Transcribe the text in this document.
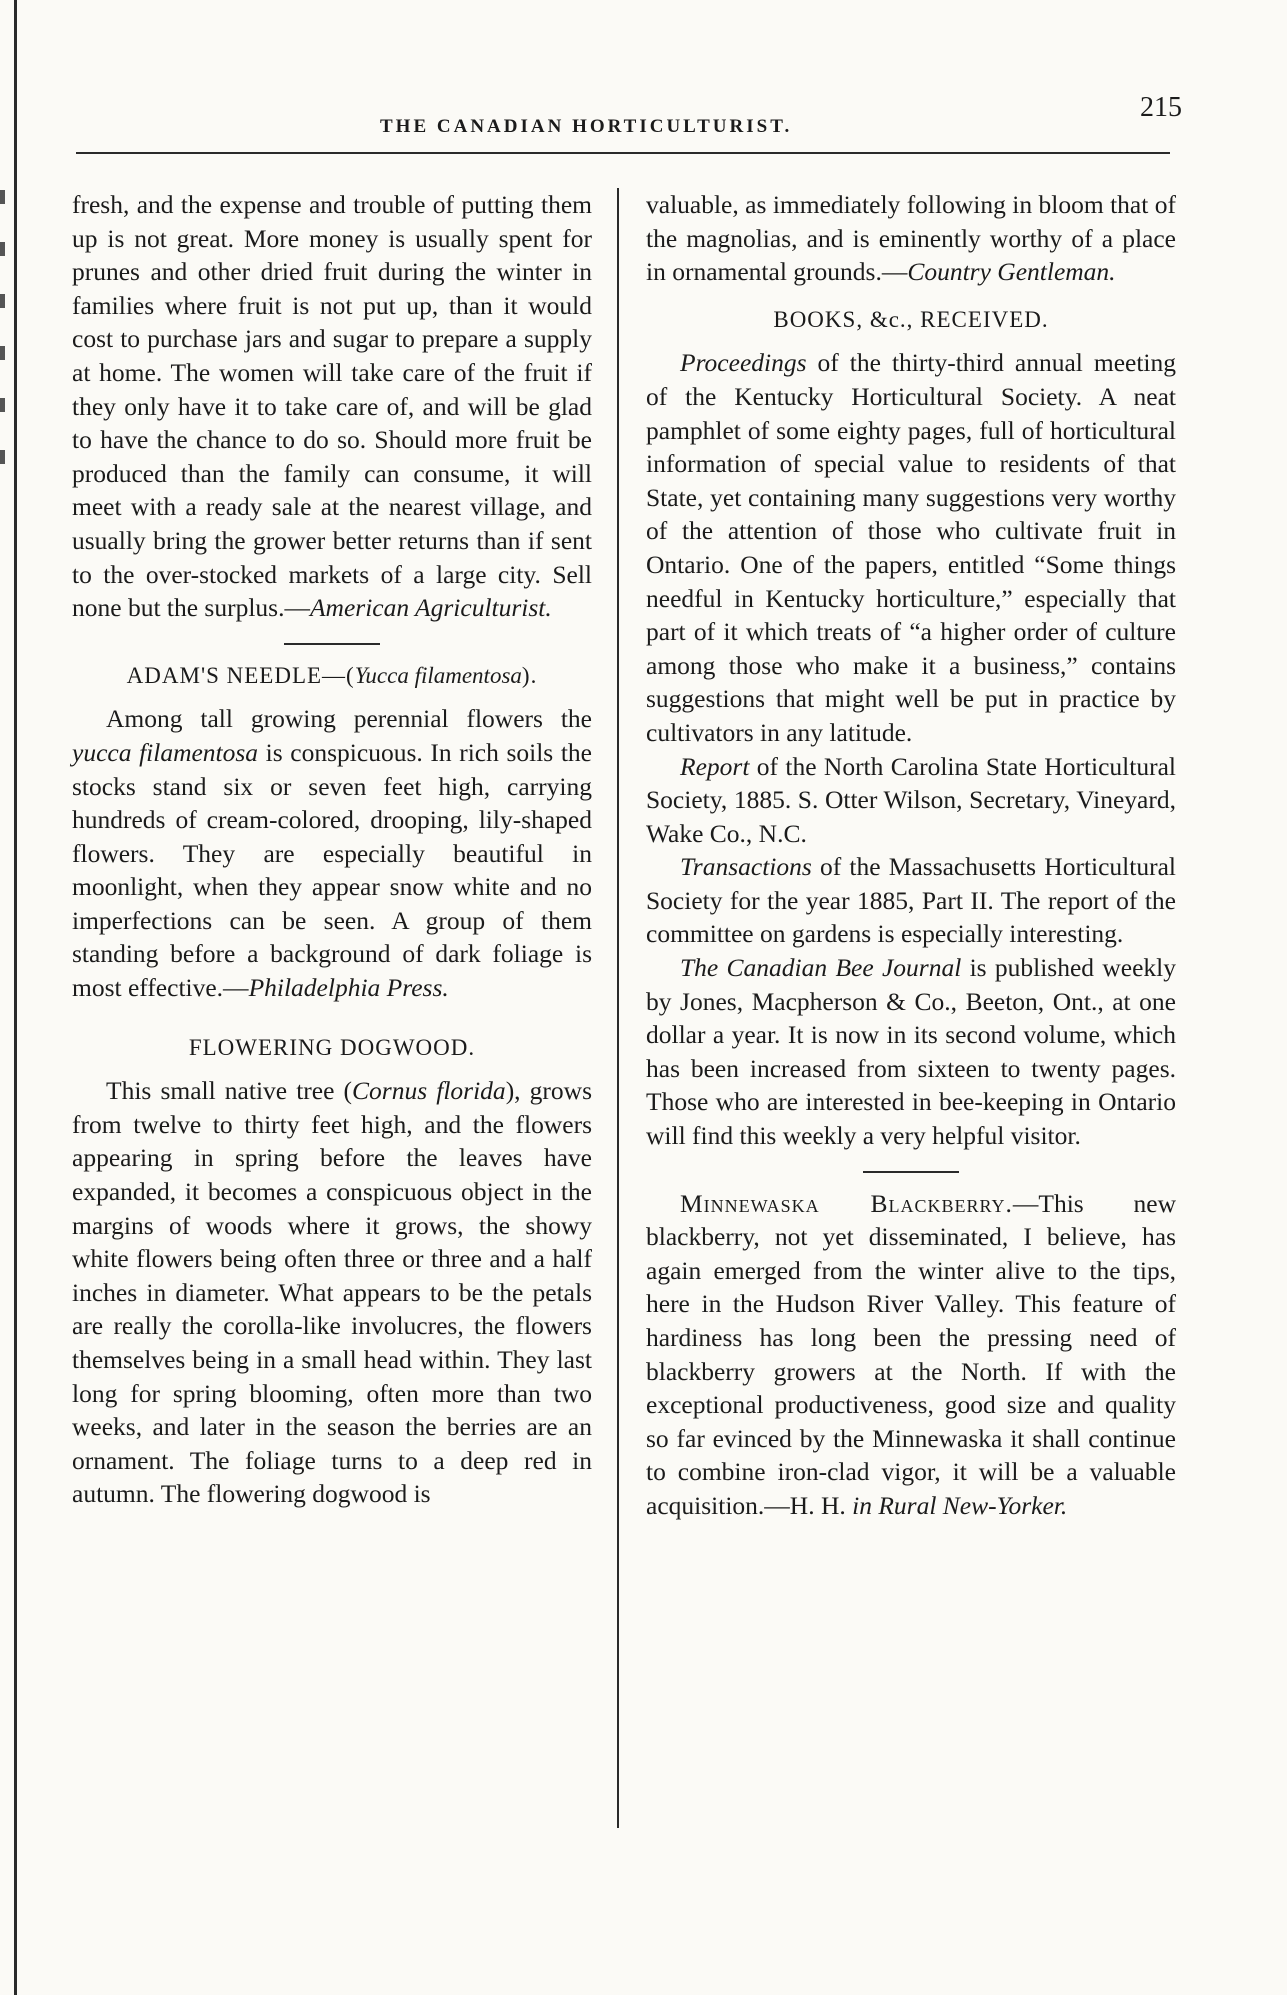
THE CANADIAN HORTICULTURIST.
215

fresh, and the expense and trouble of putting them up is not great. More money is usually spent for prunes and other dried fruit during the winter in families where fruit is not put up, than it would cost to purchase jars and sugar to prepare a supply at home. The women will take care of the fruit if they only have it to take care of, and will be glad to have the chance to do so. Should more fruit be produced than the family can consume, it will meet with a ready sale at the nearest village, and usually bring the grower better returns than if sent to the over-stocked markets of a large city. Sell none but the surplus.—American Agriculturist.

ADAM'S NEEDLE—(Yucca filamentosa).

Among tall growing perennial flowers the yucca filamentosa is conspicuous. In rich soils the stocks stand six or seven feet high, carrying hundreds of cream-colored, drooping, lily-shaped flowers. They are especially beautiful in moonlight, when they appear snow white and no imperfections can be seen. A group of them standing before a background of dark foliage is most effective.—Philadelphia Press.

FLOWERING DOGWOOD.

This small native tree (Cornus florida), grows from twelve to thirty feet high, and the flowers appearing in spring before the leaves have expanded, it becomes a conspicuous object in the margins of woods where it grows, the showy white flowers being often three or three and a half inches in diameter. What appears to be the petals are really the corolla-like involucres, the flowers themselves being in a small head within. They last long for spring blooming, often more than two weeks, and later in the season the berries are an ornament. The foliage turns to a deep red in autumn. The flowering dogwood is

valuable, as immediately following in bloom that of the magnolias, and is eminently worthy of a place in ornamental grounds.—Country Gentleman.

BOOKS, &c., RECEIVED.

Proceedings of the thirty-third annual meeting of the Kentucky Horticultural Society. A neat pamphlet of some eighty pages, full of horticultural information of special value to residents of that State, yet containing many suggestions very worthy of the attention of those who cultivate fruit in Ontario. One of the papers, entitled “Some things needful in Kentucky horticulture,” especially that part of it which treats of “a higher order of culture among those who make it a business,” contains suggestions that might well be put in practice by cultivators in any latitude.

Report of the North Carolina State Horticultural Society, 1885. S. Otter Wilson, Secretary, Vineyard, Wake Co., N.C.

Transactions of the Massachusetts Horticultural Society for the year 1885, Part II. The report of the committee on gardens is especially interesting.

The Canadian Bee Journal is published weekly by Jones, Macpherson & Co., Beeton, Ont., at one dollar a year. It is now in its second volume, which has been increased from sixteen to twenty pages. Those who are interested in bee-keeping in Ontario will find this weekly a very helpful visitor.

Minnewaska Blackberry.—This new blackberry, not yet disseminated, I believe, has again emerged from the winter alive to the tips, here in the Hudson River Valley. This feature of hardiness has long been the pressing need of blackberry growers at the North. If with the exceptional productiveness, good size and quality so far evinced by the Minnewaska it shall continue to combine iron-clad vigor, it will be a valuable acquisition.—H. H. in Rural New-Yorker.
